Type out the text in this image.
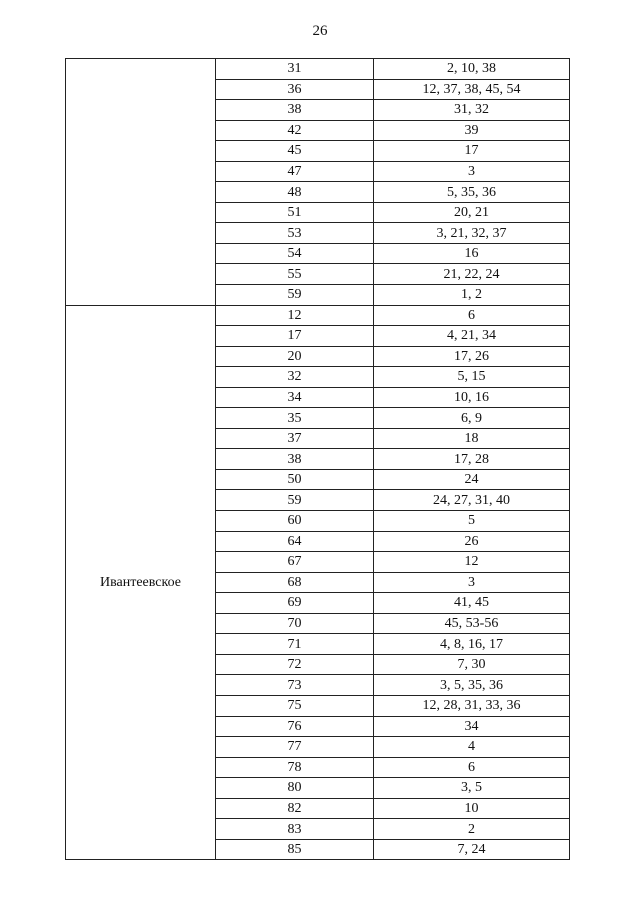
26
	31	2, 10, 38
	36	12, 37, 38, 45, 54
	38	31, 32
	42	39
	45	17
	47	3
	48	5, 35, 36
	51	20, 21
	53	3, 21, 32, 37
	54	16
	55	21, 22, 24
	59	1, 2
Ивантеевское	12	6
	17	4, 21, 34
	20	17, 26
	32	5, 15
	34	10, 16
	35	6, 9
	37	18
	38	17, 28
	50	24
	59	24, 27, 31, 40
	60	5
	64	26
	67	12
	68	3
	69	41, 45
	70	45, 53-56
	71	4, 8, 16, 17
	72	7, 30
	73	3, 5, 35, 36
	75	12, 28, 31, 33, 36
	76	34
	77	4
	78	6
	80	3, 5
	82	10
	83	2
	85	7, 24
